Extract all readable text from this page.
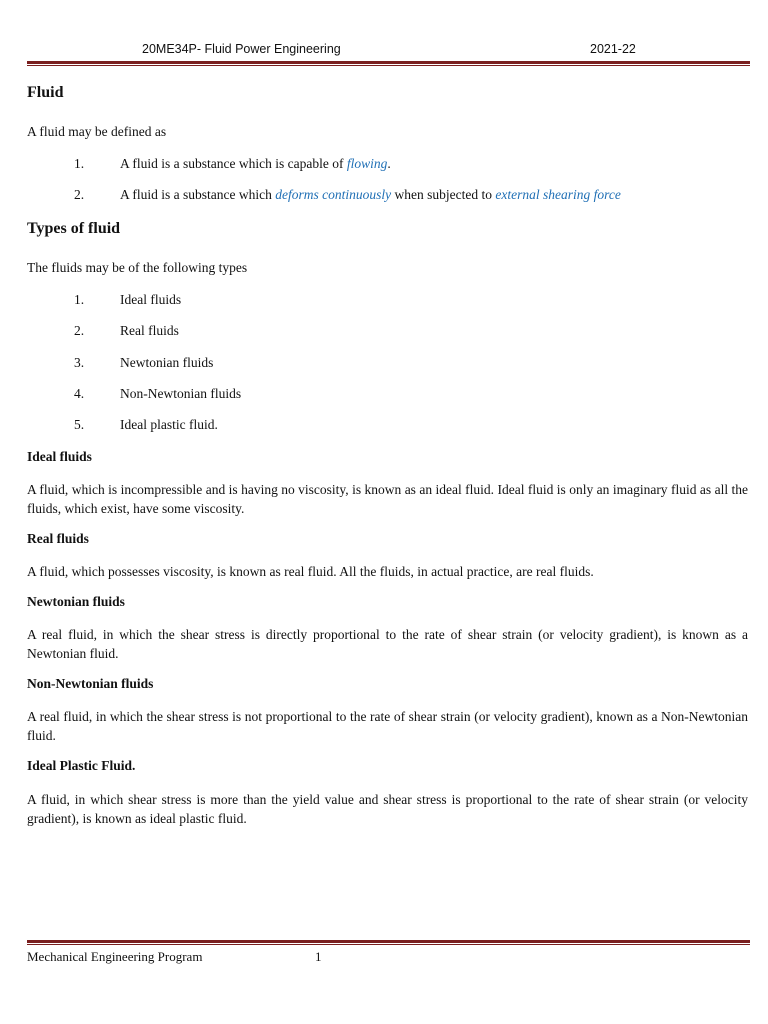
20ME34P- Fluid Power Engineering	2021-22
Fluid
A fluid may be defined as
1.	A fluid is a substance which is capable of flowing.
2.	A fluid is a substance which deforms continuously when subjected to external shearing force
Types of fluid
The fluids may be of the following types
1.	Ideal fluids
2.	Real fluids
3.	Newtonian fluids
4.	Non-Newtonian fluids
5.	Ideal plastic fluid.
Ideal fluids
A fluid, which is incompressible and is having no viscosity, is known as an ideal fluid. Ideal fluid is only an imaginary fluid as all the fluids, which exist, have some viscosity.
Real fluids
A fluid, which possesses viscosity, is known as real fluid. All the fluids, in actual practice, are real fluids.
Newtonian fluids
A real fluid, in which the shear stress is directly proportional to the rate of shear strain (or velocity gradient), is known as a Newtonian fluid.
Non-Newtonian fluids
A real fluid, in which the shear stress is not proportional to the rate of shear strain (or velocity gradient), known as a Non-Newtonian fluid.
Ideal Plastic Fluid.
A fluid, in which shear stress is more than the yield value and shear stress is proportional to the rate of shear strain (or velocity gradient), is known as ideal plastic fluid.
Mechanical Engineering Program	1
